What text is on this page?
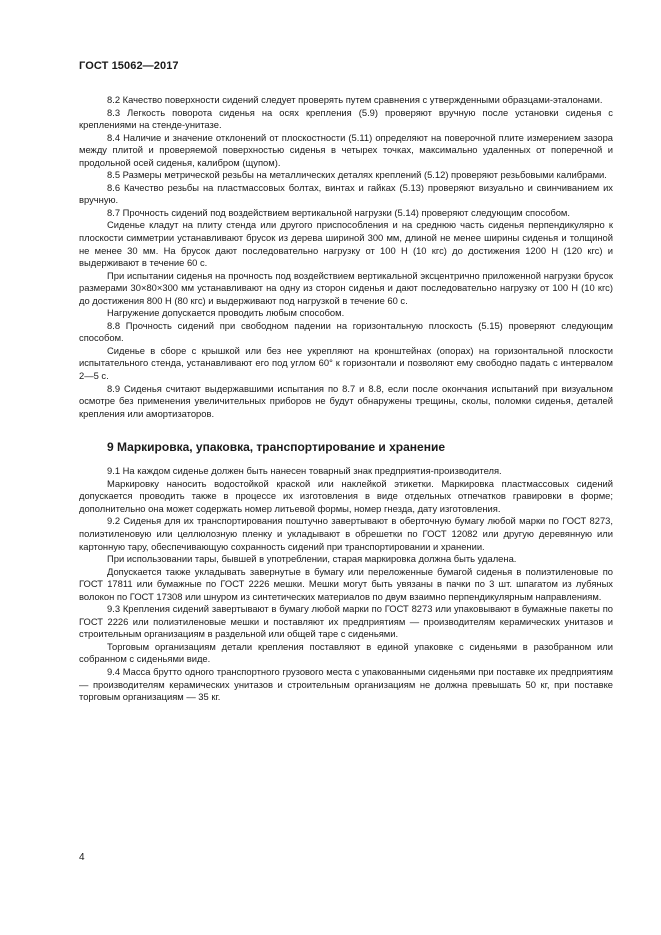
ГОСТ 15062—2017

8.2 Качество поверхности сидений следует проверять путем сравнения с утвержденными образцами-эталонами.

8.3 Легкость поворота сиденья на осях крепления (5.9) проверяют вручную после установки сиденья с креплениями на стенде-унитазе.

8.4 Наличие и значение отклонений от плоскостности (5.11) определяют на поверочной плите измерением зазора между плитой и проверяемой поверхностью сиденья в четырех точках, максимально удаленных от поперечной и продольной осей сиденья, калибром (щупом).

8.5 Размеры метрической резьбы на металлических деталях креплений (5.12) проверяют резьбовыми калибрами.

8.6 Качество резьбы на пластмассовых болтах, винтах и гайках (5.13) проверяют визуально и свинчиванием их вручную.

8.7 Прочность сидений под воздействием вертикальной нагрузки (5.14) проверяют следующим способом.

Сиденье кладут на плиту стенда или другого приспособления и на среднюю часть сиденья перпендикулярно к плоскости симметрии устанавливают брусок из дерева шириной 300 мм, длиной не менее ширины сиденья и толщиной не менее 30 мм. На брусок дают последовательно нагрузку от 100 Н (10 кгс) до достижения 1200 Н (120 кгс) и выдерживают в течение 60 с.

При испытании сиденья на прочность под воздействием вертикальной эксцентрично приложенной нагрузки брусок размерами 30×80×300 мм устанавливают на одну из сторон сиденья и дают последовательно нагрузку от 100 Н (10 кгс) до достижения 800 Н (80 кгс) и выдерживают под нагрузкой в течение 60 с.

Нагружение допускается проводить любым способом.

8.8 Прочность сидений при свободном падении на горизонтальную плоскость (5.15) проверяют следующим способом.

Сиденье в сборе с крышкой или без нее укрепляют на кронштейнах (опорах) на горизонтальной плоскости испытательного стенда, устанавливают его под углом 60° к горизонтали и позволяют ему свободно падать с интервалом 2—5 с.

8.9 Сиденья считают выдержавшими испытания по 8.7 и 8.8, если после окончания испытаний при визуальном осмотре без применения увеличительных приборов не будут обнаружены трещины, сколы, поломки сиденья, деталей крепления или амортизаторов.

9 Маркировка, упаковка, транспортирование и хранение

9.1 На каждом сиденье должен быть нанесен товарный знак предприятия-производителя.

Маркировку наносить водостойкой краской или наклейкой этикетки. Маркировка пластмассовых сидений допускается проводить также в процессе их изготовления в виде отдельных отпечатков гравировки в форме; дополнительно она может содержать номер литьевой формы, номер гнезда, дату изготовления.

9.2 Сиденья для их транспортирования поштучно завертывают в оберточную бумагу любой марки по ГОСТ 8273, полиэтиленовую или целлюлозную пленку и укладывают в обрешетки по ГОСТ 12082 или другую деревянную или картонную тару, обеспечивающую сохранность сидений при транспортировании и хранении.

При использовании тары, бывшей в употреблении, старая маркировка должна быть удалена.

Допускается также укладывать завернутые в бумагу или переложенные бумагой сиденья в полиэтиленовые по ГОСТ 17811 или бумажные по ГОСТ 2226 мешки. Мешки могут быть увязаны в пачки по 3 шт. шпагатом из лубяных волокон по ГОСТ 17308 или шнуром из синтетических материалов по двум взаимно перпендикулярным направлениям.

9.3 Крепления сидений завертывают в бумагу любой марки по ГОСТ 8273 или упаковывают в бумажные пакеты по ГОСТ 2226 или полиэтиленовые мешки и поставляют их предприятиям — производителям керамических унитазов и строительным организациям в раздельной или общей таре с сиденьями.

Торговым организациям детали крепления поставляют в единой упаковке с сиденьями в разобранном или собранном с сиденьями виде.

9.4 Масса брутто одного транспортного грузового места с упакованными сиденьями при поставке их предприятиям — производителям керамических унитазов и строительным организациям не должна превышать 50 кг, при поставке торговым организациям — 35 кг.

4
